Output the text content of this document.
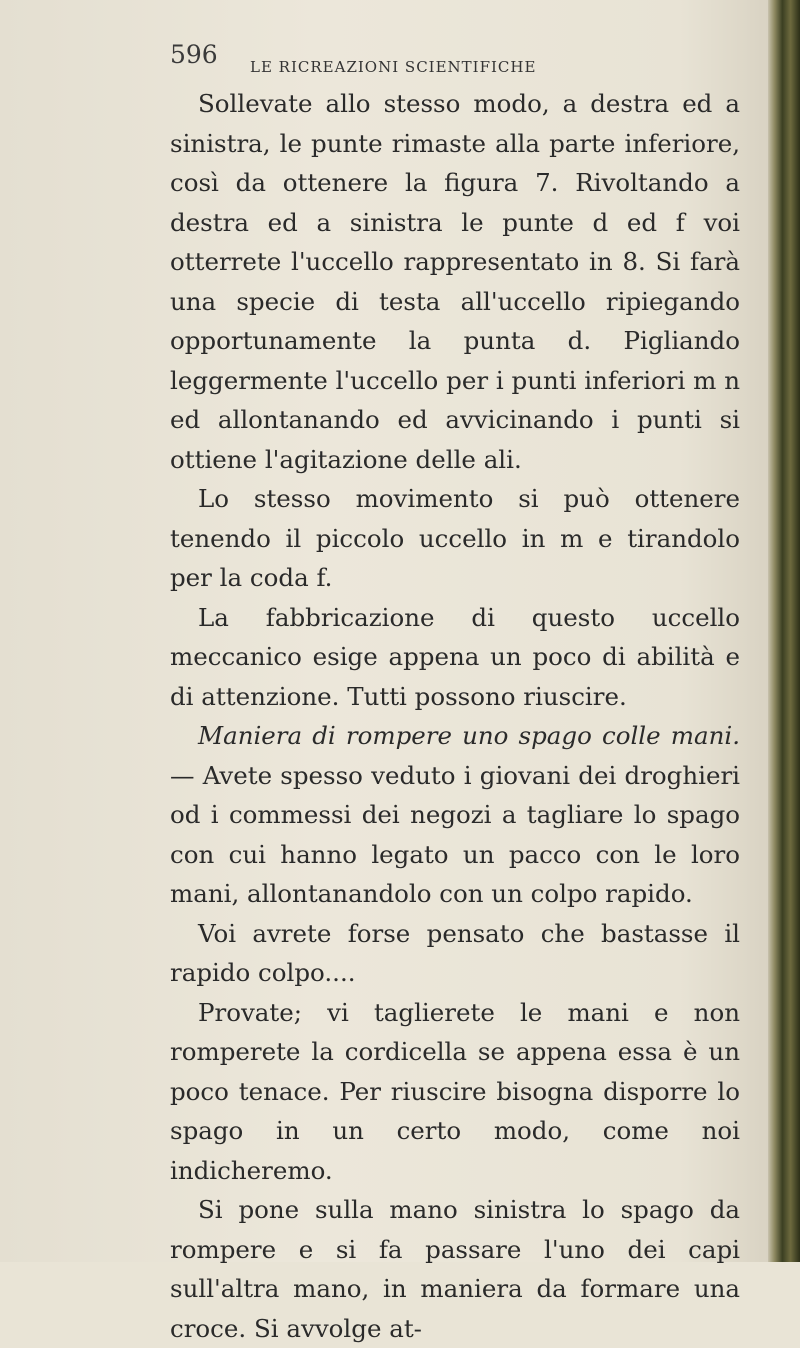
596 LE RICREAZIONI SCIENTIFICHE

Sollevate allo stesso modo, a destra ed a sinistra, le punte rimaste alla parte inferiore, così da ottenere la figura 7. Rivoltando a destra ed a sinistra le punte d ed f voi otterrete l'uccello rappresentato in 8. Si farà una specie di testa all'uccello ripiegando opportunamente la punta d. Pigliando leggermente l'uccello per i punti inferiori m n ed allontanando ed avvicinando i punti si ottiene l'agitazione delle ali.

Lo stesso movimento si può ottenere tenendo il piccolo uccello in m e tirandolo per la coda f.

La fabbricazione di questo uccello meccanico esige appena un poco di abilità e di attenzione. Tutti possono riuscire.

Maniera di rompere uno spago colle mani. — Avete spesso veduto i giovani dei droghieri od i commessi dei negozi a tagliare lo spago con cui hanno legato un pacco con le loro mani, allontanandolo con un colpo rapido.

Voi avrete forse pensato che bastasse il rapido colpo....

Provate; vi taglierete le mani e non romperete la cordicella se appena essa è un poco tenace. Per riuscire bisogna disporre lo spago in un certo modo, come noi indicheremo.

Si pone sulla mano sinistra lo spago da rompere e si fa passare l'uno dei capi sull'altra mano, in maniera da formare una croce. Si avvolge at-
